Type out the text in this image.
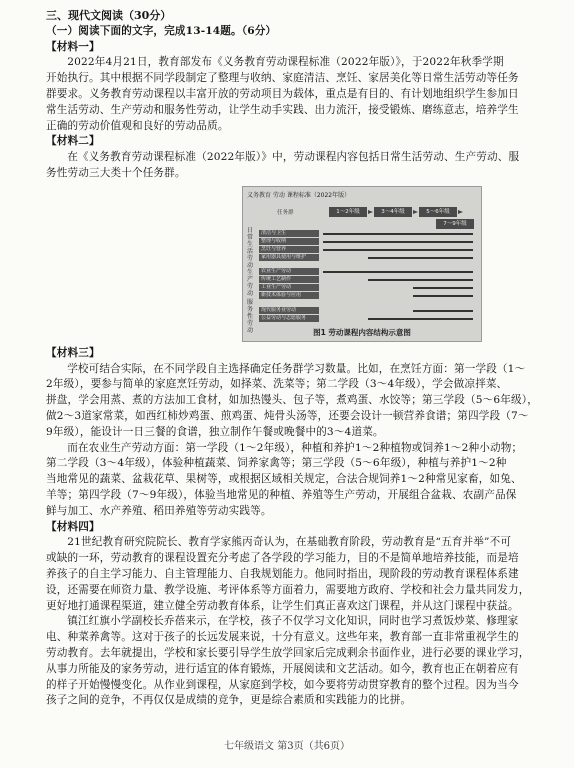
三、现代文阅读（30分）
（一）阅读下面的文字，完成13-14题。（6分）
【材料一】
2022年4月21日，教育部发布《义务教育劳动课程标准（2022年版）》，于2022年秋季学期
开始执行。其中根据不同学段制定了整理与收纳、家庭清洁、烹饪、家居美化等日常生活劳动等任务
群要求。义务教育劳动课程以丰富开放的劳动项目为载体，重点是有目的、有计划地组织学生参加日
常生活劳动、生产劳动和服务性劳动，让学生动手实践、出力流汗，接受锻炼、磨练意志，培养学生
正确的劳动价值观和良好的劳动品质。
【材料二】
在《义务教育劳动课程标准（2022年版）》中，劳动课程内容包括日常生活劳动、生产劳动、服
务性劳动三大类十个任务群。
义务教育 劳动 课程标准（2022年版）
任务群	1～2年级	3～4年级	5～6年级
7～9年级
日常生活劳动
生产劳动
服务性劳动
清洁与卫生
整理与收纳
烹饪与营养
家用器具使用与维护
农业生产劳动
传统工艺制作
工业生产劳动
新技术体验与应用
现代服务业劳动
公益劳动与志愿服务
图1 劳动课程内容结构示意图
【材料三】
学校可结合实际，在不同学段自主选择确定任务群学习数量。比如，在烹饪方面：第一学段（1～
2年级），要参与简单的家庭烹饪劳动，如择菜、洗菜等；第二学段（3～4年级），学会做凉拌菜、
拼盘，学会用蒸、煮的方法加工食材，如加热馒头、包子等，煮鸡蛋、水饺等；第三学段（5～6年级），
做2～3道家常菜，如西红柿炒鸡蛋、煎鸡蛋、炖骨头汤等，还要会设计一顿营养食谱；第四学段（7～
9年级），能设计一日三餐的食谱，独立制作午餐或晚餐中的3～4道菜。
而在农业生产劳动方面：第一学段（1～2年级），种植和养护1～2种植物或饲养1～2种小动物；
第二学段（3～4年级），体验种植蔬菜、饲养家禽等；第三学段（5～6年级），种植与养护1～2种
当地常见的蔬菜、盆栽花草、果树等，或根据区域相关规定，合法合规饲养1～2种常见家畜，如兔、
羊等；第四学段（7～9年级），体验当地常见的种植、养殖等生产劳动，开展组合盆栽、农副产品保
鲜与加工、水产养殖、稻田养殖等劳动实践等。
【材料四】
21世纪教育研究院院长、教育学家熊丙奇认为，在基础教育阶段，劳动教育是“五育并举”不可
或缺的一环，劳动教育的课程设置充分考虑了各学段的学习能力，目的不是简单地培养技能，而是培
养孩子的自主学习能力、自主管理能力、自我规划能力。他同时指出，现阶段的劳动教育课程体系建
设，还需要在师资力量、教学设施、考评体系等方面着力，需要地方政府、学校和社会力量共同发力，
更好地打通课程渠道，建立健全劳动教育体系，让学生们真正喜欢这门课程，并从这门课程中获益。
镇江红旗小学副校长乔蓓来示，在学校，孩子不仅学习文化知识，同时也学习煮饭炒菜、修理家
电、种菜养禽等。这对于孩子的长远发展来说，十分有意义。这些年来，教育部一直非常重视学生的
劳动教育。去年就提出，学校和家长要引导学生放学回家后完成剩余书面作业，进行必要的课业学习，
从事力所能及的家务劳动，进行适宜的体育锻炼，开展阅读和文艺活动。如今，教育也正在朝着应有
的样子开始慢慢变化。从作业到课程，从家庭到学校，如今要将劳动贯穿教育的整个过程。因为当今
孩子之间的竞争，不再仅仅是成绩的竞争，更是综合素质和实践能力的比拼。
七年级语文 第3页（共6页）
